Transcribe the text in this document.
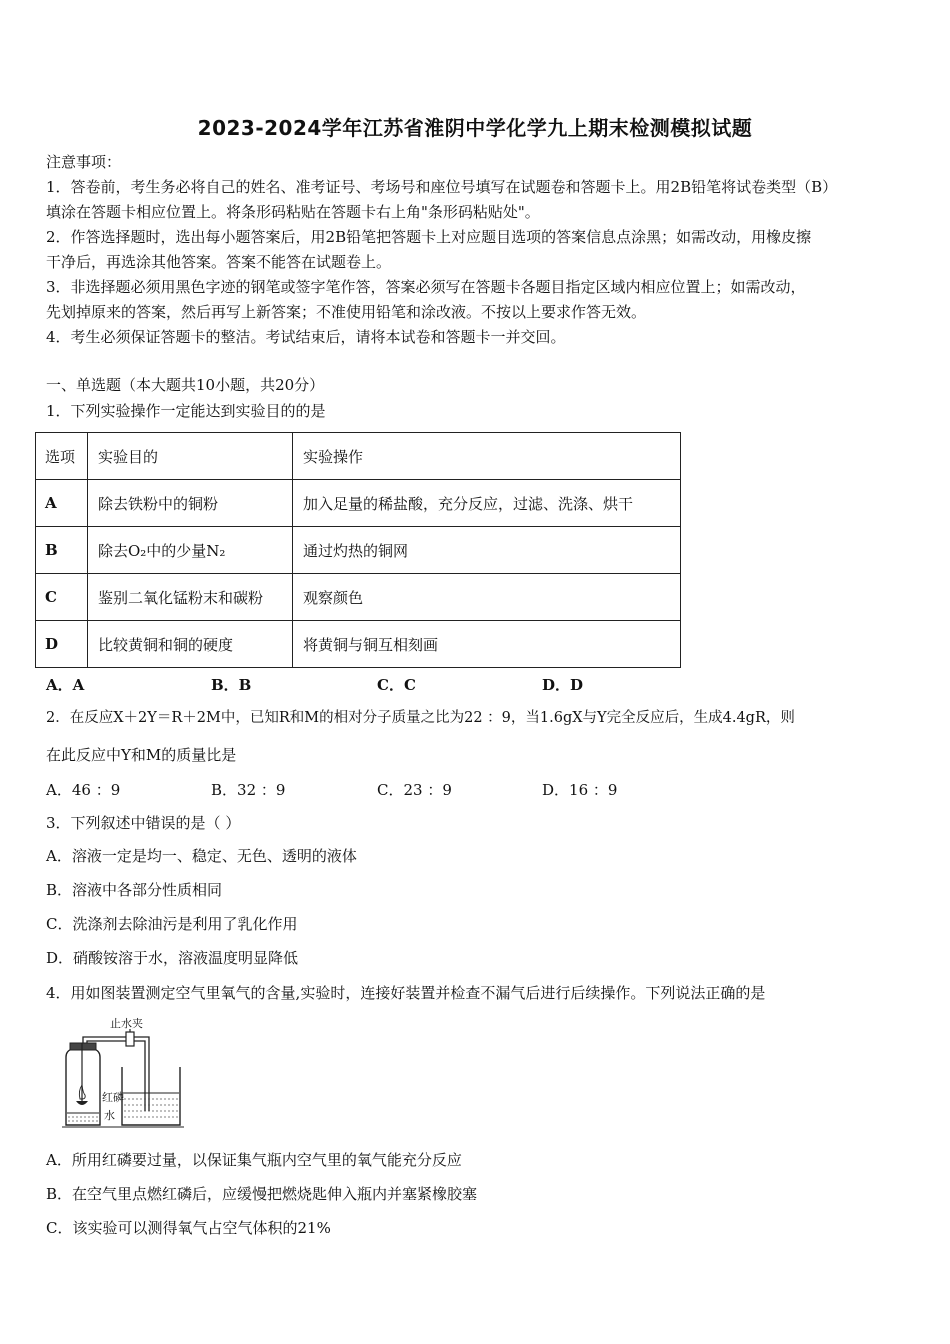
2023-2024学年江苏省淮阴中学化学九上期末检测模拟试题
注意事项：
1．答卷前，考生务必将自己的姓名、准考证号、考场号和座位号填写在试题卷和答题卡上。用2B铅笔将试卷类型（B）
填涂在答题卡相应位置上。将条形码粘贴在答题卡右上角"条形码粘贴处"。
2．作答选择题时，选出每小题答案后，用2B铅笔把答题卡上对应题目选项的答案信息点涂黑；如需改动，用橡皮擦
干净后，再选涂其他答案。答案不能答在试题卷上。
3．非选择题必须用黑色字迹的钢笔或签字笔作答，答案必须写在答题卡各题目指定区域内相应位置上；如需改动，
先划掉原来的答案，然后再写上新答案；不准使用铅笔和涂改液。不按以上要求作答无效。
4．考生必须保证答题卡的整洁。考试结束后，请将本试卷和答题卡一并交回。
一、单选题（本大题共10小题，共20分）
1．下列实验操作一定能达到实验目的的是
选项	实验目的	实验操作
A	除去铁粉中的铜粉	加入足量的稀盐酸，充分反应，过滤、洗涤、烘干
B	除去O₂中的少量N₂	通过灼热的铜网
C	鉴别二氧化锰粉末和碳粉	观察颜色
D	比较黄铜和铜的硬度	将黄铜与铜互相刻画
A．A	B．B	C．C	D．D
2．在反应X＋2Y＝R＋2M中，已知R和M的相对分子质量之比为22 ：9，当1.6gX与Y完全反应后，生成4.4gR，则
在此反应中Y和M的质量比是
A．46 ：9	B．32 ：9	C．23 ：9	D．16 ：9
3．下列叙述中错误的是（ ）
A．溶液一定是均一、稳定、无色、透明的液体
B．溶液中各部分性质相同
C．洗涤剂去除油污是利用了乳化作用
D．硝酸铵溶于水，溶液温度明显降低
4．用如图装置测定空气里氧气的含量,实验时，连接好装置并检查不漏气后进行后续操作。下列说法正确的是
止水夹
红磷
水
A．所用红磷要过量，以保证集气瓶内空气里的氧气能充分反应
B．在空气里点燃红磷后，应缓慢把燃烧匙伸入瓶内并塞紧橡胶塞
C．该实验可以测得氧气占空气体积的21%
